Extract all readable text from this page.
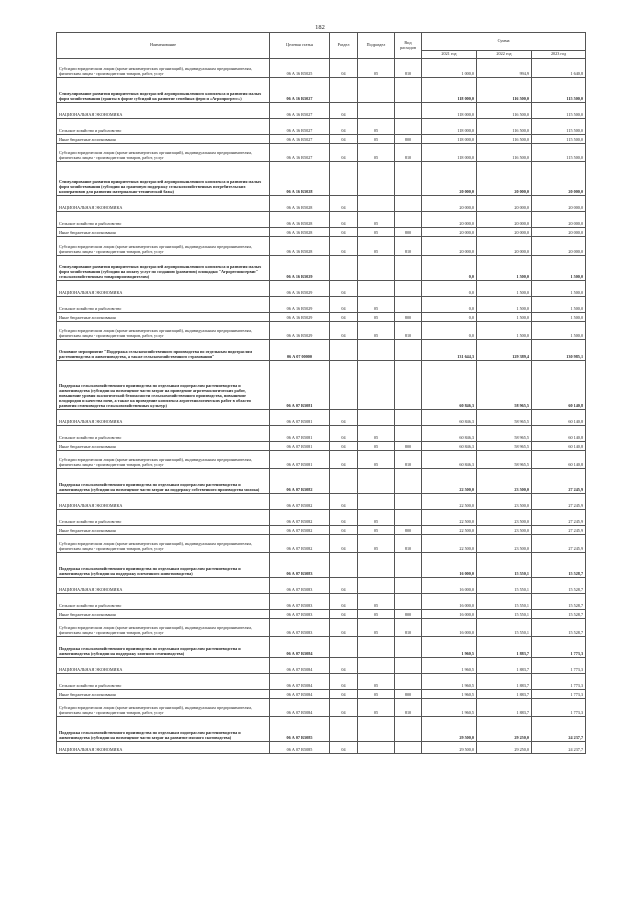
182
Наименование	Целевая статья	Раздел	Подраздел	Вид расходов	Сумма		
					2021 год	2022 год	2023 год
Субсидии юридическим лицам (кроме некоммерческих организаций), индивидуальным предпринимателям, физическим лицам - производителям товаров, работ, услуг	06 А 16 R5025	04	05	810	1 000,0	994,9	1 640,8
Стимулирование развития приоритетных подотраслей агропромышленного комплекса и развития малых форм хозяйствования (гранты в форме субсидий на развитие семейных ферм и «Агропрогресс»)	06 А 16 R5027				118 000,0	116 500,0	115 500,0
НАЦИОНАЛЬНАЯ ЭКОНОМИКА	06 А 16 R5027	04			118 000,0	116 500,0	115 500,0
Сельское хозяйство и рыболовство	06 А 16 R5027	04	05		118 000,0	116 500,0	115 500,0
Иные бюджетные ассигнования	06 А 16 R5027	04	05	800	118 000,0	116 500,0	115 500,0
Субсидии юридическим лицам (кроме некоммерческих организаций), индивидуальным предпринимателям, физическим лицам - производителям товаров, работ, услуг	06 А 16 R5027	04	05	810	118 000,0	116 500,0	115 500,0
Стимулирование развития приоритетных подотраслей агропромышленного комплекса и развития малых форм хозяйствования (субсидии на грантовую поддержку сельскохозяйственных потребительских кооперативов для развития материально-технической базы)	06 А 16 R5028				20 000,0	20 000,0	20 000,0
НАЦИОНАЛЬНАЯ ЭКОНОМИКА	06 А 16 R5028	04			20 000,0	20 000,0	20 000,0
Сельское хозяйство и рыболовство	06 А 16 R5028	04	05		20 000,0	20 000,0	20 000,0
Иные бюджетные ассигнования	06 А 16 R5028	04	05	800	20 000,0	20 000,0	20 000,0
Субсидии юридическим лицам (кроме некоммерческих организаций), индивидуальным предпринимателям, физическим лицам - производителям товаров, работ, услуг	06 А 16 R5028	04	05	810	20 000,0	20 000,0	20 000,0
Стимулирование развития приоритетных подотраслей агропромышленного комплекса и развития малых форм хозяйствования (субсидии на оплату услуг по созданию (развитию) площадки "Агрорегионсервис" сельскохозяйственным товаропроизводителям)	06 А 16 R5029				0,0	1 500,0	1 500,0
НАЦИОНАЛЬНАЯ ЭКОНОМИКА	06 А 16 R5029	04			0,0	1 500,0	1 500,0
Сельское хозяйство и рыболовство	06 А 16 R5029	04	05		0,0	1 500,0	1 500,0
Иные бюджетные ассигнования	06 А 16 R5029	04	05	800	0,0	1 500,0	1 500,0
Субсидии юридическим лицам (кроме некоммерческих организаций), индивидуальным предпринимателям, физическим лицам - производителям товаров, работ, услуг	06 А 16 R5029	04	05	810	0,0	1 500,0	1 500,0
Основное мероприятие "Поддержка сельскохозяйственного производства по отдельным подотраслям растениеводства и животноводства, а также сельскохозяйственного страхования"	06 А 07 00000				131 644,3	129 389,4	130 985,1
Поддержка сельскохозяйственного производства по отдельным подотраслям растениеводства и животноводства (субсидии на возмещение части затрат на проведение агротехнологических работ, повышение уровня экологической безопасности сельскохозяйственного производства, повышение плодородия и качества почв, а также на проведение комплекса агротехнологических работ в области развития семеноводства сельскохозяйственных культур)	06 А 07 R5081				60 846,3	58 965,5	60 140,8
НАЦИОНАЛЬНАЯ ЭКОНОМИКА	06 А 07 R5081	04			60 846,3	58 965,5	60 140,8
Сельское хозяйство и рыболовство	06 А 07 R5081	04	05		60 846,3	58 965,5	60 140,8
Иные бюджетные ассигнования	06 А 07 R5081	04	05	800	60 846,3	58 965,5	60 140,8
Субсидии юридическим лицам (кроме некоммерческих организаций), индивидуальным предпринимателям, физическим лицам - производителям товаров, работ, услуг	06 А 07 R5081	04	05	810	60 846,3	58 965,5	60 140,8
Поддержка сельскохозяйственного производства по отдельным подотраслям растениеводства и животноводства (субсидии на возмещение части затрат на поддержку собственного производства молока)	06 А 07 R5082				22 500,0	23 500,0	27 245,9
НАЦИОНАЛЬНАЯ ЭКОНОМИКА	06 А 07 R5082	04			22 500,0	23 500,0	27 245,9
Сельское хозяйство и рыболовство	06 А 07 R5082	04	05		22 500,0	23 500,0	27 245,9
Иные бюджетные ассигнования	06 А 07 R5082	04	05	800	22 500,0	23 500,0	27 245,9
Субсидии юридическим лицам (кроме некоммерческих организаций), индивидуальным предпринимателям, физическим лицам - производителям товаров, работ, услуг	06 А 07 R5082	04	05	810	22 500,0	23 500,0	27 245,9
Поддержка сельскохозяйственного производства по отдельным подотраслям растениеводства и животноводства (субсидии на поддержку племенного животноводства)	06 А 07 R5083				16 000,0	15 550,1	15 528,7
НАЦИОНАЛЬНАЯ ЭКОНОМИКА	06 А 07 R5083	04			16 000,0	15 550,1	15 528,7
Сельское хозяйство и рыболовство	06 А 07 R5083	04	05		16 000,0	15 550,1	15 528,7
Иные бюджетные ассигнования	06 А 07 R5083	04	05	800	16 000,0	15 550,1	15 528,7
Субсидии юридическим лицам (кроме некоммерческих организаций), индивидуальным предпринимателям, физическим лицам - производителям товаров, работ, услуг	06 А 07 R5083	04	05	810	16 000,0	15 550,1	15 528,7
Поддержка сельскохозяйственного производства по отдельным подотраслям растениеводства и животноводства (субсидии на поддержку элитного семеноводства)	06 А 07 R5084				1 960,5	1 883,7	1 773,3
НАЦИОНАЛЬНАЯ ЭКОНОМИКА	06 А 07 R5084	04			1 960,5	1 883,7	1 773,3
Сельское хозяйство и рыболовство	06 А 07 R5084	04	05		1 960,5	1 883,7	1 773,3
Иные бюджетные ассигнования	06 А 07 R5084	04	05	800	1 960,5	1 883,7	1 773,3
Субсидии юридическим лицам (кроме некоммерческих организаций), индивидуальным предпринимателям, физическим лицам - производителям товаров, работ, услуг	06 А 07 R5084	04	05	810	1 960,5	1 883,7	1 773,3
Поддержка сельскохозяйственного производства по отдельным подотраслям растениеводства и животноводства (субсидии на возмещение части затрат на развитие мясного скотоводства)	06 А 07 R5085				29 500,0	29 250,0	24 237,7
НАЦИОНАЛЬНАЯ ЭКОНОМИКА	06 А 07 R5085	04			29 500,0	29 250,0	24 237,7
